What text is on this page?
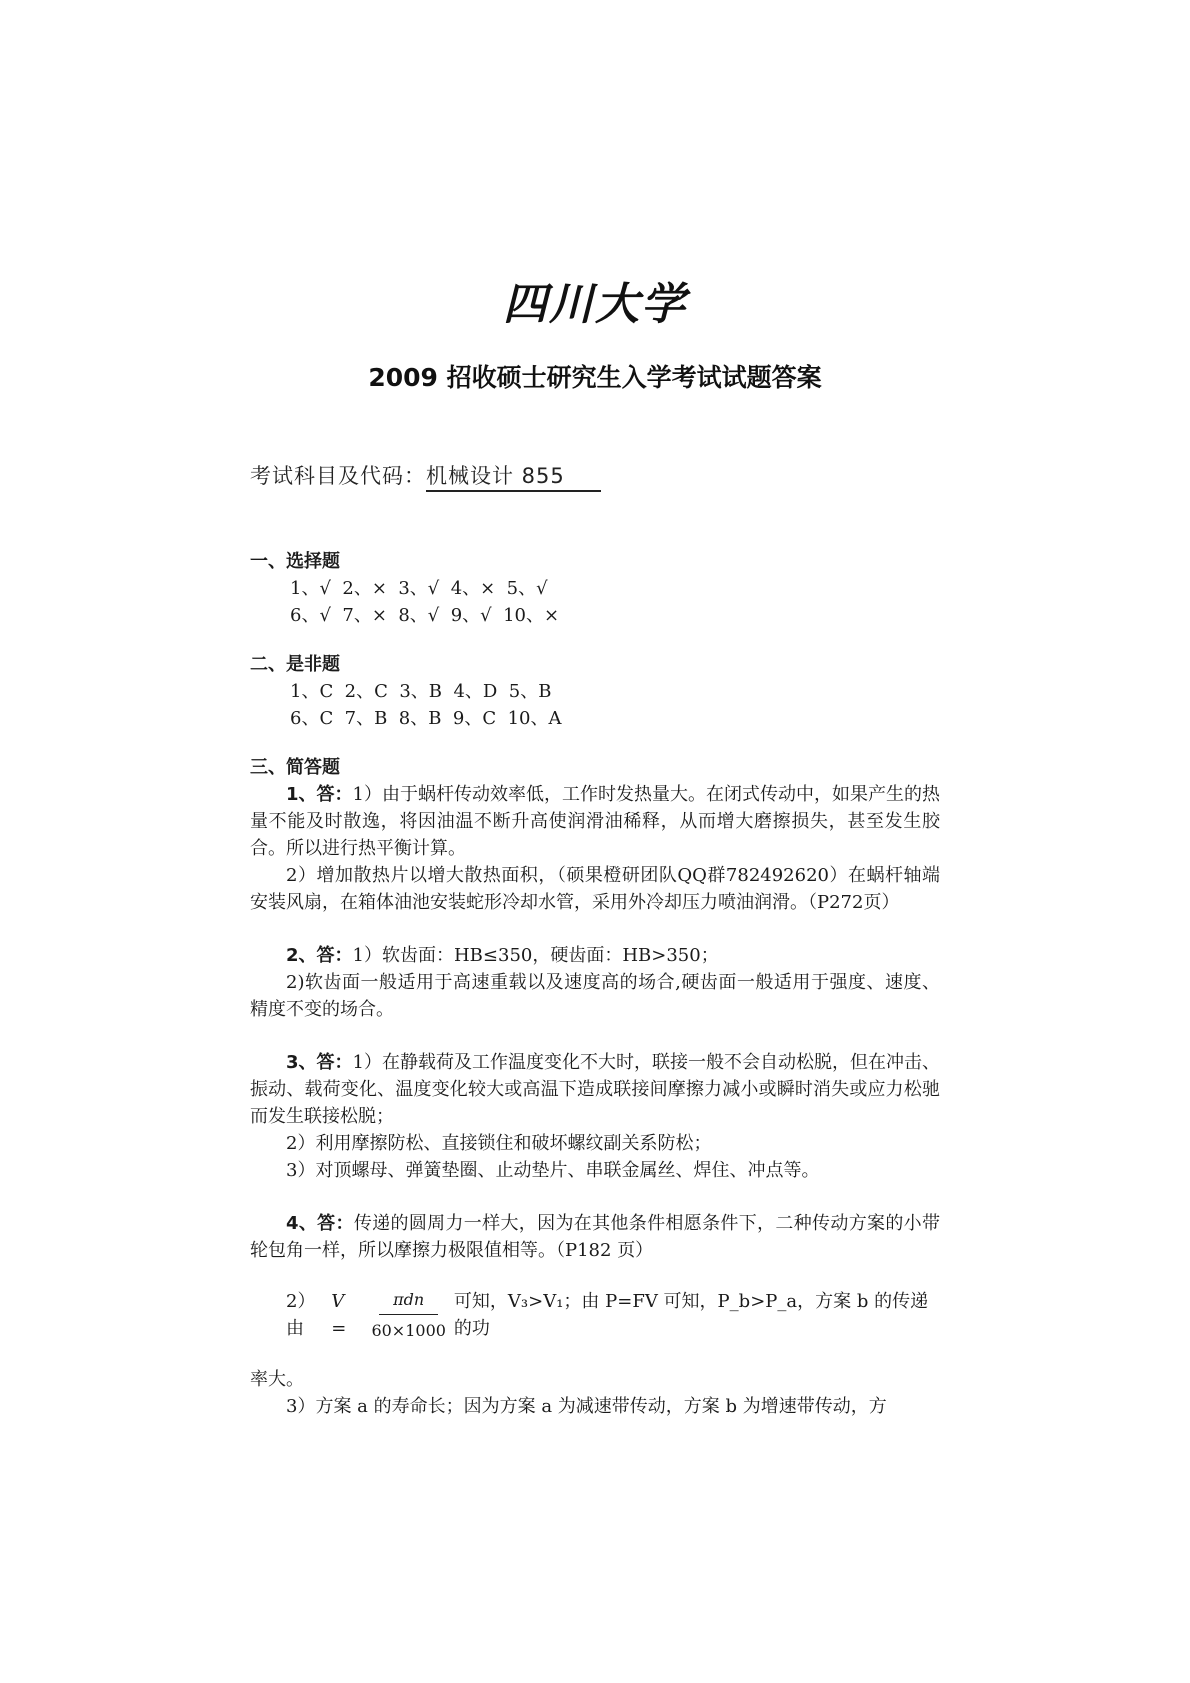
四川大学
2009 招收硕士研究生入学考试试题答案
考试科目及代码：机械设计 855

一、选择题

1、√  2、×  3、√  4、×  5、√

6、√  7、×  8、√  9、√  10、×

二、是非题

1、C  2、C  3、B  4、D  5、B

6、C  7、B  8、B  9、C  10、A

三、简答题

1、答：1）由于蜗杆传动效率低，工作时发热量大。在闭式传动中，如果产生的热量不能及时散逸，将因油温不断升高使润滑油稀释，从而增大磨擦损失，甚至发生胶合。所以进行热平衡计算。

2）增加散热片以增大散热面积，（硕果橙研团队QQ群782492620）在蜗杆轴端安装风扇，在箱体油池安装蛇形冷却水管，采用外冷却压力喷油润滑。（P272页）

2、答：1）软齿面：HB≤350，硬齿面：HB>350；

2)软齿面一般适用于高速重载以及速度高的场合,硬齿面一般适用于强度、速度、精度不变的场合。

3、答：1）在静载荷及工作温度变化不大时，联接一般不会自动松脱，但在冲击、振动、载荷变化、温度变化较大或高温下造成联接间摩擦力减小或瞬时消失或应力松驰而发生联接松脱；

2）利用摩擦防松、直接锁住和破坏螺纹副关系防松；

3）对顶螺母、弹簧垫圈、止动垫片、串联金属丝、焊住、冲点等。

4、答：传递的圆周力一样大，因为在其他条件相愿条件下，二种传动方案的小带轮包角一样，所以摩擦力极限值相等。（P182 页）

2）由
V =	$\frac{\text{πdn}}{60\times 1000}$ 可知，V₃>V₁；由 P=FV 可知，P_b>P_a，方案 b 的传递的功

率大。

3）方案 a 的寿命长；因为方案 a 为减速带传动，方案 b 为增速带传动，方
